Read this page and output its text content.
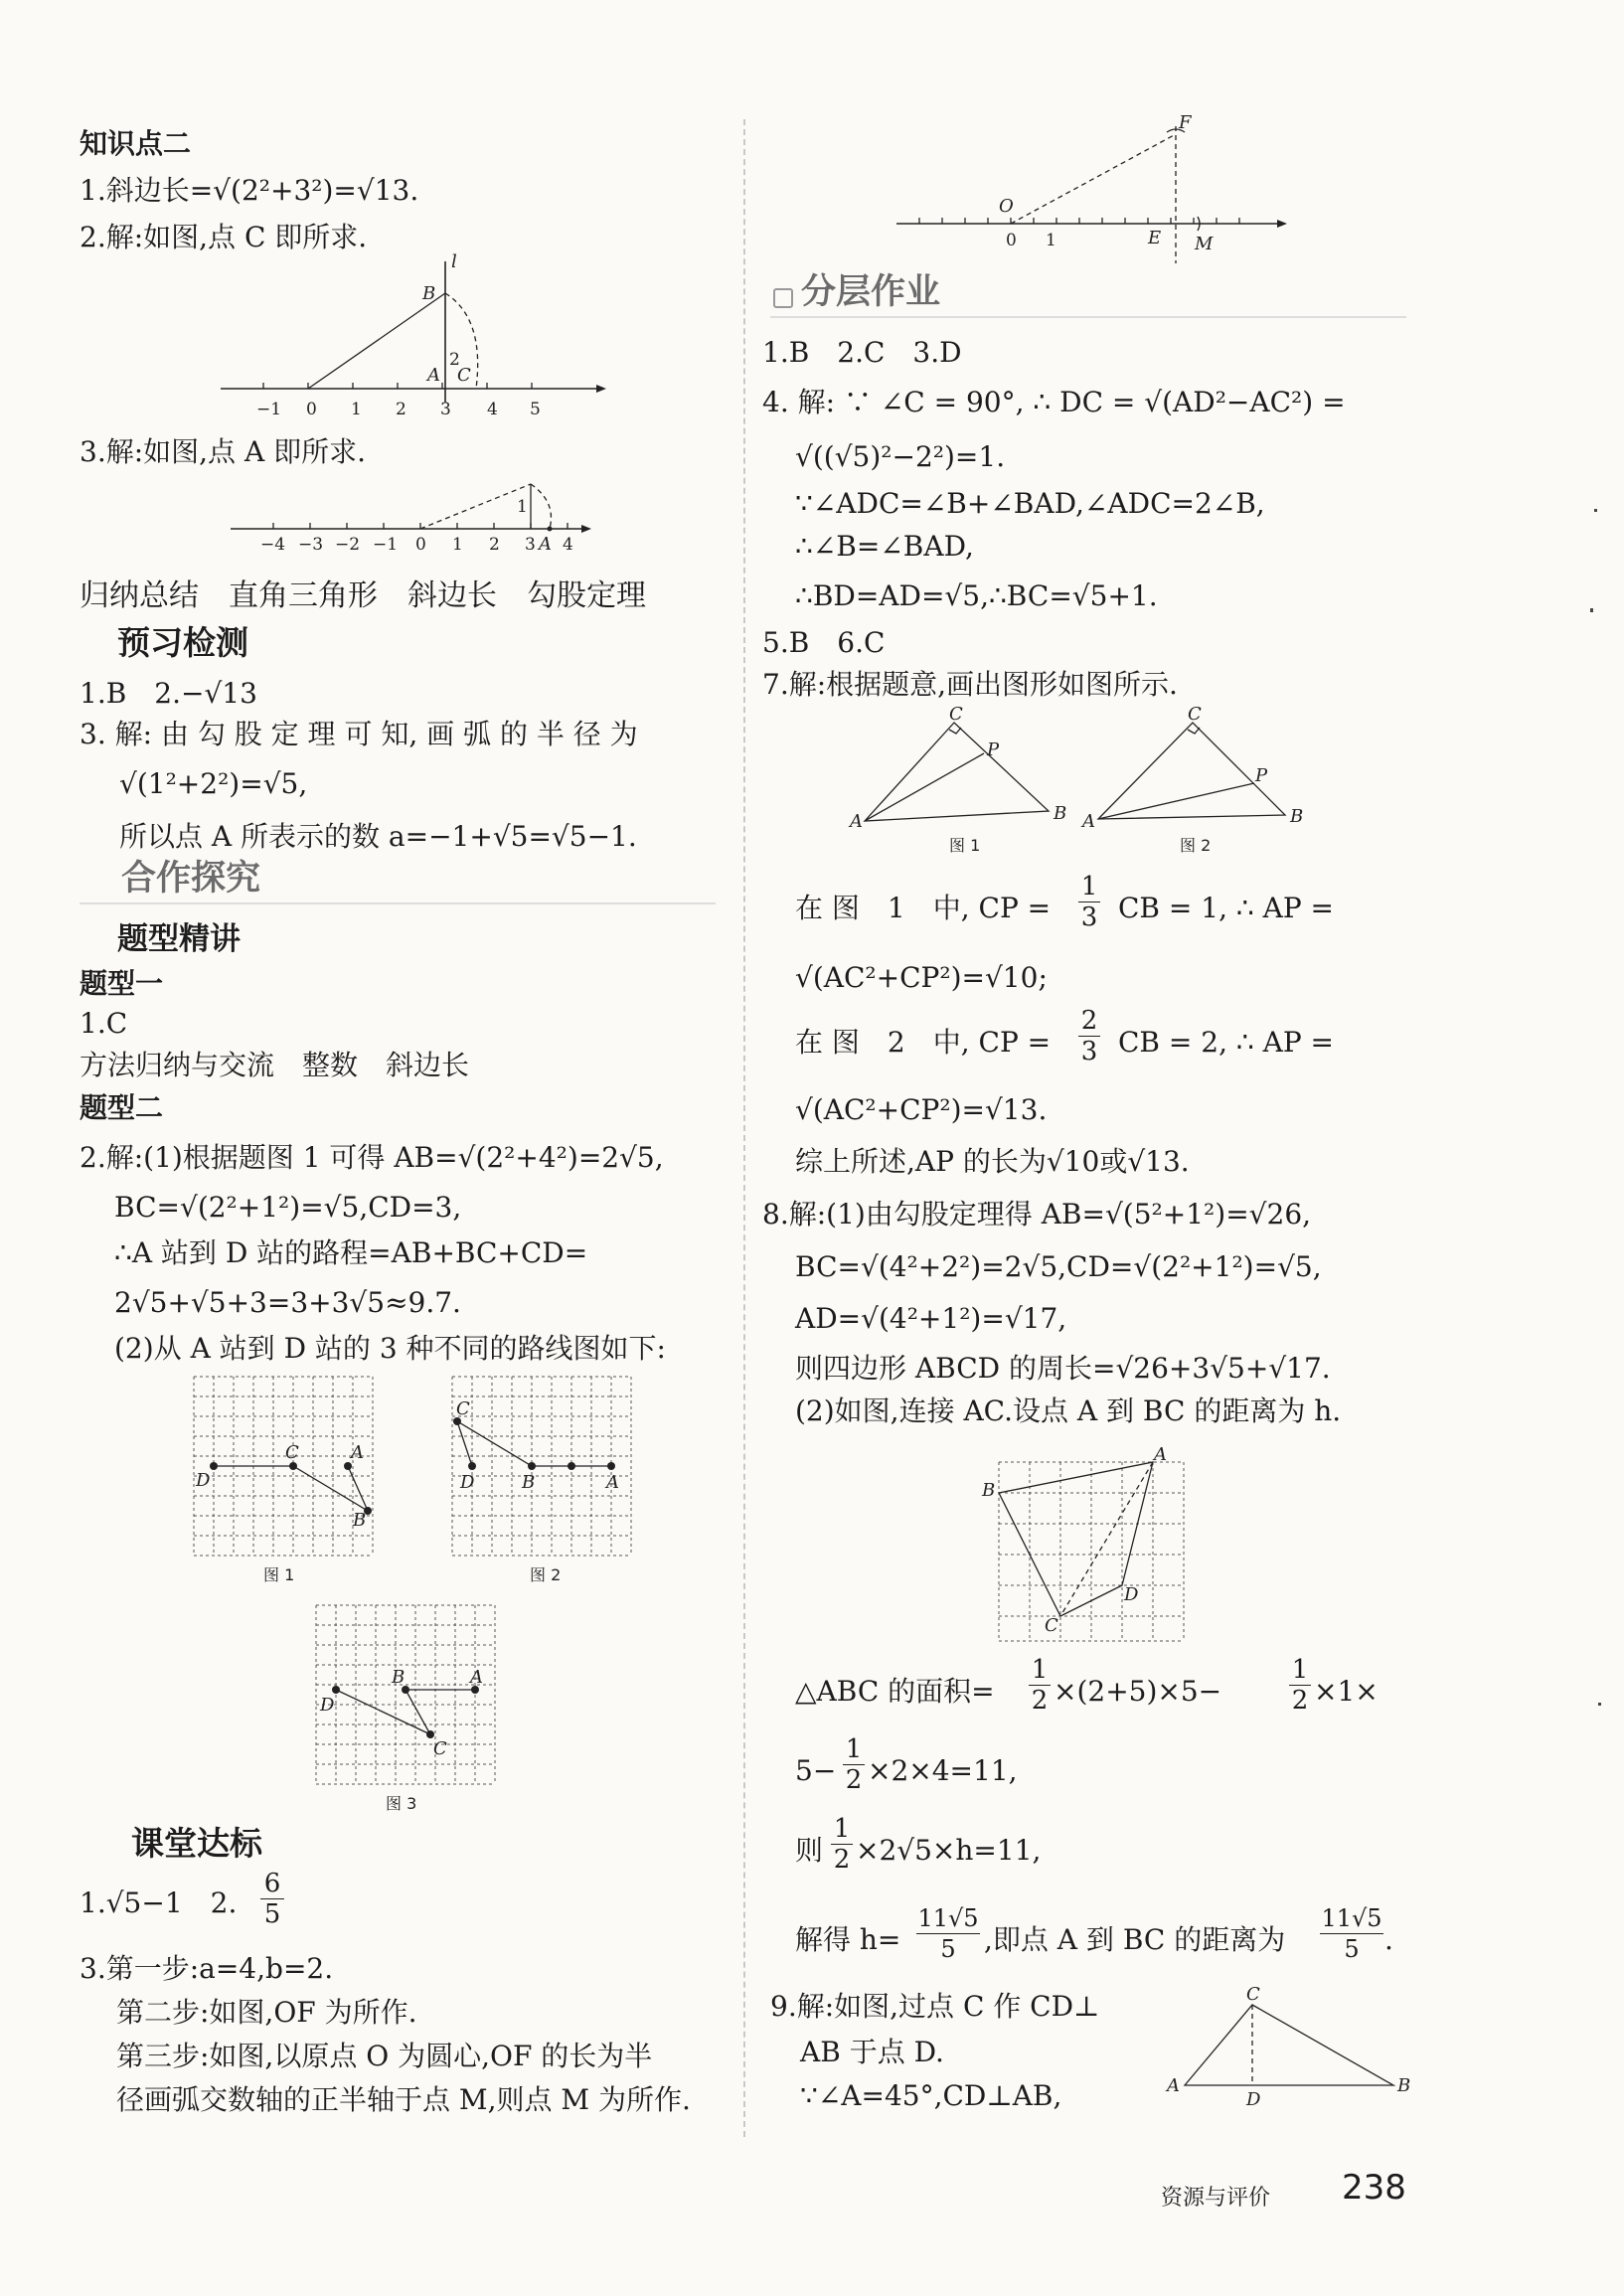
知识点二
1.斜边长=√(2²+3²)=√13.
2.解:如图,点 C 即所求.
−1 0 1 2 3 4 5
l
B
2
A C
3.解:如图,点 A 即所求.
−4 −3 −2 −1 0 1 2 3 A 4
1
归纳总结　直角三角形　斜边长　勾股定理
预习检测
1.B　2.−√13
3. 解: 由 勾 股 定 理 可 知, 画 弧 的 半 径 为
√(1²+2²)=√5,
所以点 A 所表示的数 a=−1+√5=√5−1.
合作探究
题型精讲
题型一
1.C
方法归纳与交流　整数　斜边长
题型二
2.解:(1)根据题图 1 可得 AB=√(2²+4²)=2√5,
BC=√(2²+1²)=√5,CD=3,
∴A 站到 D 站的路程=AB+BC+CD=
2√5+√5+3=3+3√5≈9.7.
(2)从 A 站到 D 站的 3 种不同的路线图如下:
D
C	A
B
图 1
C
D	B	A
图 2
D
B	A
C
图 3
课堂达标
1.√5−1　2.
6
5
3.第一步:a=4,b=2.
第二步:如图,OF 为所作.
第三步:如图,以原点 O 为圆心,OF 的长为半
径画弧交数轴的正半轴于点 M,则点 M 为所作.
O
F
0 1	E M
分层作业
1.B　2.C　3.D
4. 解: ∵ ∠C = 90°, ∴ DC = √(AD²−AC²) =
√((√5)²−2²)=1.
∵∠ADC=∠B+∠BAD,∠ADC=2∠B,
∴∠B=∠BAD,
∴BD=AD=√5,∴BC=√5+1.
5.B　6.C
7.解:根据题意,画出图形如图所示.
A
C
P
B
图 1
A
C
P
B
图 2
在 图　1　中, CP =
1
3 CB = 1, ∴ AP =
√(AC²+CP²)=√10;
在 图　2　中, CP =
2
3 CB = 2, ∴ AP =
√(AC²+CP²)=√13.
综上所述,AP 的长为√10或√13.
8.解:(1)由勾股定理得 AB=√(5²+1²)=√26,
BC=√(4²+2²)=2√5,CD=√(2²+1²)=√5,
AD=√(4²+1²)=√17,
则四边形 ABCD 的周长=√26+3√5+√17.
(2)如图,连接 AC.设点 A 到 BC 的距离为 h.
B
A
D
C
△ABC 的面积=
1
2 ×(2+5)×5−
1
2 ×1×
5−
1
2 ×2×4=11,
则
1
2 ×2√5×h=11,
解得 h=
11√5
5	,即点 A 到 BC 的距离为
11√5
5 .
9.解:如图,过点 C 作 CD⊥
AB 于点 D.
∵∠A=45°,CD⊥AB,	A
C
D
B
资源与评价 238
